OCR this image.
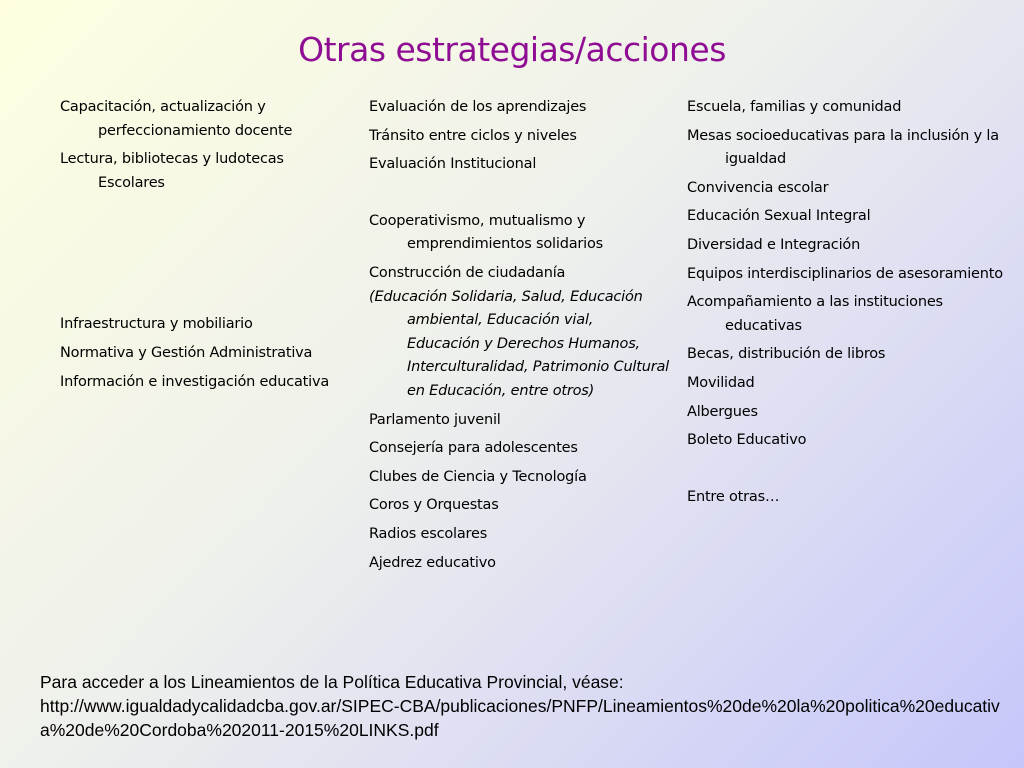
Otras estrategias/acciones
Capacitación, actualización y perfeccionamiento docente
Lectura, bibliotecas y ludotecas Escolares
Infraestructura y mobiliario
Normativa y Gestión Administrativa
Información e investigación educativa
Evaluación de los aprendizajes
Tránsito entre ciclos y niveles
Evaluación Institucional
Cooperativismo, mutualismo y emprendimientos solidarios
Construcción de ciudadanía
(Educación Solidaria, Salud, Educación ambiental, Educación vial, Educación y Derechos Humanos, Interculturalidad, Patrimonio Cultural en Educación, entre otros)
Parlamento juvenil
Consejería para adolescentes
Clubes de Ciencia y Tecnología
Coros y Orquestas
Radios escolares
Ajedrez educativo
Escuela, familias y comunidad
Mesas socioeducativas para la inclusión y la igualdad
Convivencia escolar
Educación Sexual Integral
Diversidad e Integración
Equipos interdisciplinarios de asesoramiento
Acompañamiento a las instituciones educativas
Becas, distribución de libros
Movilidad
Albergues
Boleto Educativo
Entre otras…
Para acceder a los Lineamientos de la Política Educativa Provincial, véase:
http://www.igualdadycalidadcba.gov.ar/SIPEC-CBA/publicaciones/PNFP/Lineamientos%20de%20la%20politica%20educativa%20de%20Cordoba%202011-2015%20LINKS.pdf
